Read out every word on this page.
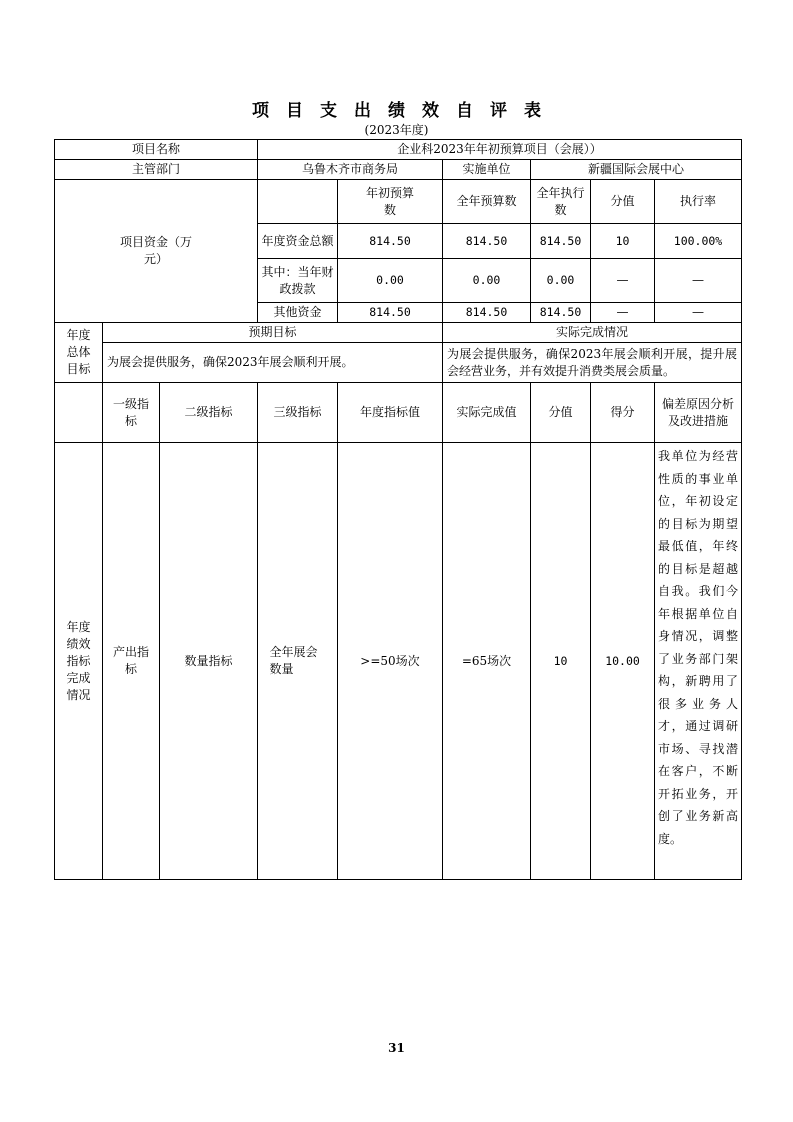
项目支出绩效自评表
(2023年度)
项目名称			企业科2023年年初预算项目（会展））						
主管部门			乌鲁木齐市商务局		实施单位	新疆国际会展中心			

项目资金（万元）				年初预算数	全年预算数	全年执行数	分值	执行率	
			年度资金总额	814.50	814.50	814.50	10	100.00%	

			其中：当年财政拨款	0.00	0.00	0.00	—	—	
			其他资金	814.50	814.50	814.50	—	—	

年度总体目标	预期目标				实际完成情况				
	为展会提供服务，确保2023年展会顺利开展。				为展会提供服务，确保2023年展会顺利开展，提升展会经营业务，并有效提升消费类展会质量。				

	一级指标	二级指标	三级指标	年度指标值	实际完成值	分值	得分	偏差原因分析及改进措施	

年度绩效指标完成情况	产出指标	数量指标	全年展会数量	>=50场次	=65场次	10	10.00	我单位为经营性质的事业单位，年初设定的目标为期望最低值，年终的目标是超越自我。我们今年根据单位自身情况，调整了业务部门架构，新聘用了很多业务人才，通过调研市场、寻找潜在客户，不断开拓业务，开创了业务新高度。	
31
